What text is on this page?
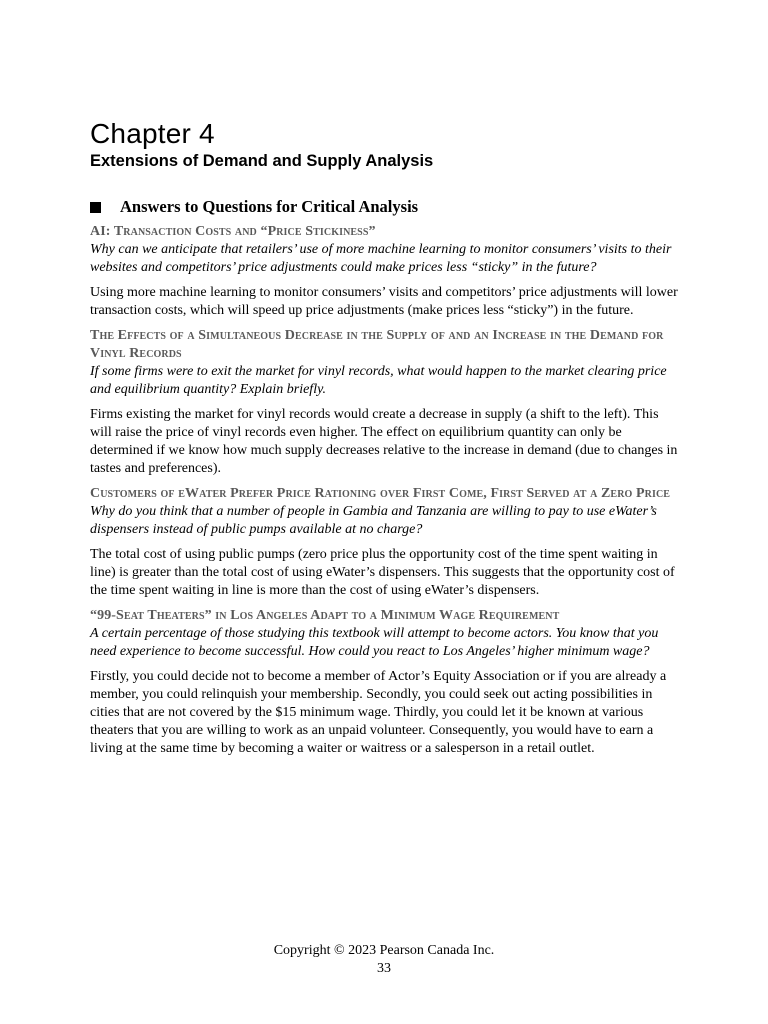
Chapter 4
Extensions of Demand and Supply Analysis
Answers to Questions for Critical Analysis
AI: Transaction Costs and “Price Stickiness”
Why can we anticipate that retailers’ use of more machine learning to monitor consumers’ visits to their websites and competitors’ price adjustments could make prices less “sticky” in the future?
Using more machine learning to monitor consumers’ visits and competitors’ price adjustments will lower transaction costs, which will speed up price adjustments (make prices less “sticky”) in the future.
The Effects of a Simultaneous Decrease in the Supply of and an Increase in the Demand for Vinyl Records
If some firms were to exit the market for vinyl records, what would happen to the market clearing price and equilibrium quantity? Explain briefly.
Firms existing the market for vinyl records would create a decrease in supply (a shift to the left). This will raise the price of vinyl records even higher. The effect on equilibrium quantity can only be determined if we know how much supply decreases relative to the increase in demand (due to changes in tastes and preferences).
Customers of eWater Prefer Price Rationing over First Come, First Served at a Zero Price
Why do you think that a number of people in Gambia and Tanzania are willing to pay to use eWater’s dispensers instead of public pumps available at no charge?
The total cost of using public pumps (zero price plus the opportunity cost of the time spent waiting in line) is greater than the total cost of using eWater’s dispensers. This suggests that the opportunity cost of the time spent waiting in line is more than the cost of using eWater’s dispensers.
“99-Seat Theaters” in Los Angeles Adapt to a Minimum Wage Requirement
A certain percentage of those studying this textbook will attempt to become actors. You know that you need experience to become successful. How could you react to Los Angeles’ higher minimum wage?
Firstly, you could decide not to become a member of Actor’s Equity Association or if you are already a member, you could relinquish your membership. Secondly, you could seek out acting possibilities in cities that are not covered by the $15 minimum wage. Thirdly, you could let it be known at various theaters that you are willing to work as an unpaid volunteer. Consequently, you would have to earn a living at the same time by becoming a waiter or waitress or a salesperson in a retail outlet.
Copyright © 2023 Pearson Canada Inc.
33
